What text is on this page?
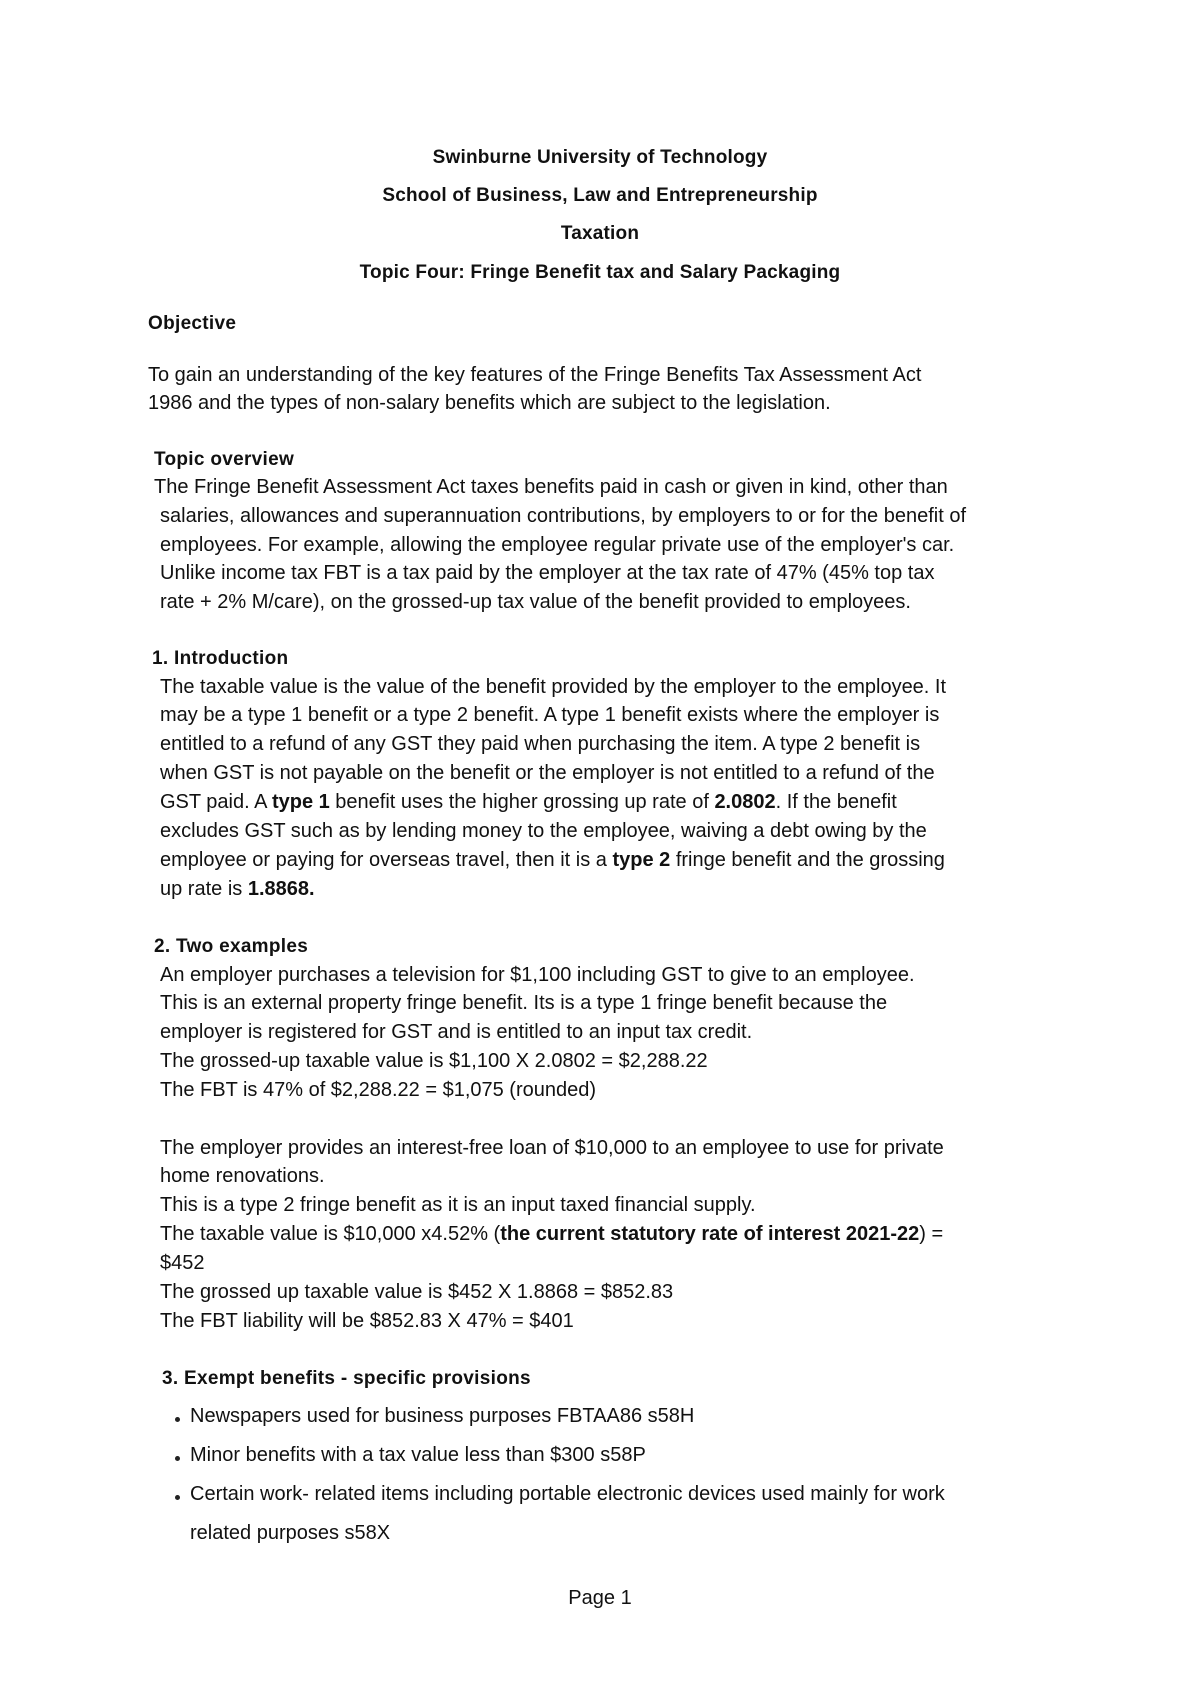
Swinburne University of Technology
School of Business, Law and Entrepreneurship
Taxation
Topic Four: Fringe Benefit tax and Salary Packaging
Objective
To gain an understanding of the key features of the Fringe Benefits Tax Assessment Act
1986 and the types of non-salary benefits which are subject to the legislation.
Topic overview
The Fringe Benefit Assessment Act taxes benefits paid in cash or given in kind, other than
salaries, allowances and superannuation contributions, by employers to or for the benefit of
employees. For example, allowing the employee regular private use of the employer's car.
Unlike income tax FBT is a tax paid by the employer at the tax rate of 47% (45% top tax
rate + 2% M/care), on the grossed-up tax value of the benefit provided to employees.
1. Introduction
The taxable value is the value of the benefit provided by the employer to the employee. It
may be a type 1 benefit or a type 2 benefit. A type 1 benefit exists where the employer is
entitled to a refund of any GST they paid when purchasing the item. A type 2 benefit is
when GST is not payable on the benefit or the employer is not entitled to a refund of the
GST paid. A type 1 benefit uses the higher grossing up rate of 2.0802. If the benefit
excludes GST such as by lending money to the employee, waiving a debt owing by the
employee or paying for overseas travel, then it is a type 2 fringe benefit and the grossing
up rate is 1.8868.
2. Two examples
An employer purchases a television for $1,100 including GST to give to an employee.
This is an external property fringe benefit. Its is a type 1 fringe benefit because the
employer is registered for GST and is entitled to an input tax credit.
The grossed-up taxable value is $1,100 X 2.0802 = $2,288.22
The FBT is 47% of $2,288.22 = $1,075 (rounded)
The employer provides an interest-free loan of $10,000 to an employee to use for private
home renovations.
This is a type 2 fringe benefit as it is an input taxed financial supply.
The taxable value is $10,000 x4.52% (the current statutory rate of interest 2021-22) =
$452
The grossed up taxable value is $452 X 1.8868 = $852.83
The FBT liability will be $852.83 X 47% = $401
3. Exempt benefits - specific provisions
Newspapers used for business purposes FBTAA86 s58H
Minor benefits with a tax value less than $300 s58P
Certain work- related items including portable electronic devices used mainly for work
related purposes s58X
Page 1
